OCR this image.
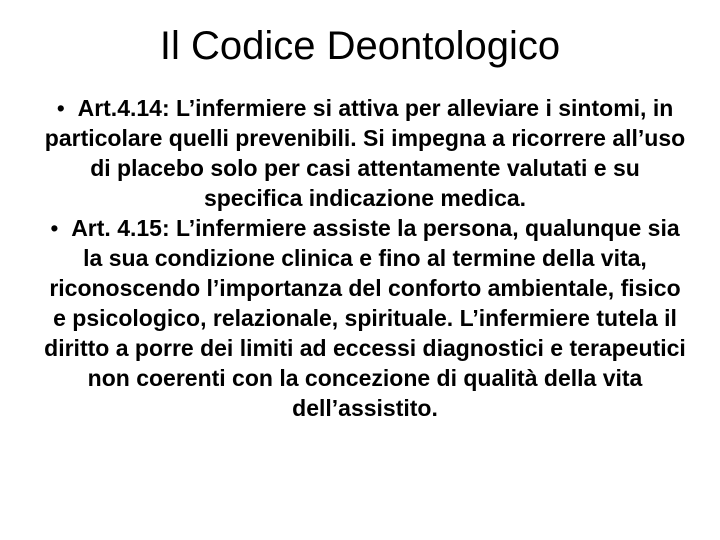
Il Codice Deontologico
• Art.4.14: L’infermiere si attiva per alleviare i sintomi, in particolare quelli prevenibili. Si impegna a ricorrere all’uso di placebo solo per casi attentamente valutati e su specifica indicazione medica.
• Art. 4.15: L’infermiere assiste la persona, qualunque sia la sua condizione clinica e fino al termine della vita, riconoscendo l’importanza del conforto ambientale, fisico e psicologico, relazionale, spirituale. L’infermiere tutela il diritto a porre dei limiti ad eccessi diagnostici e terapeutici non coerenti con la concezione di qualità della vita dell’assistito.
